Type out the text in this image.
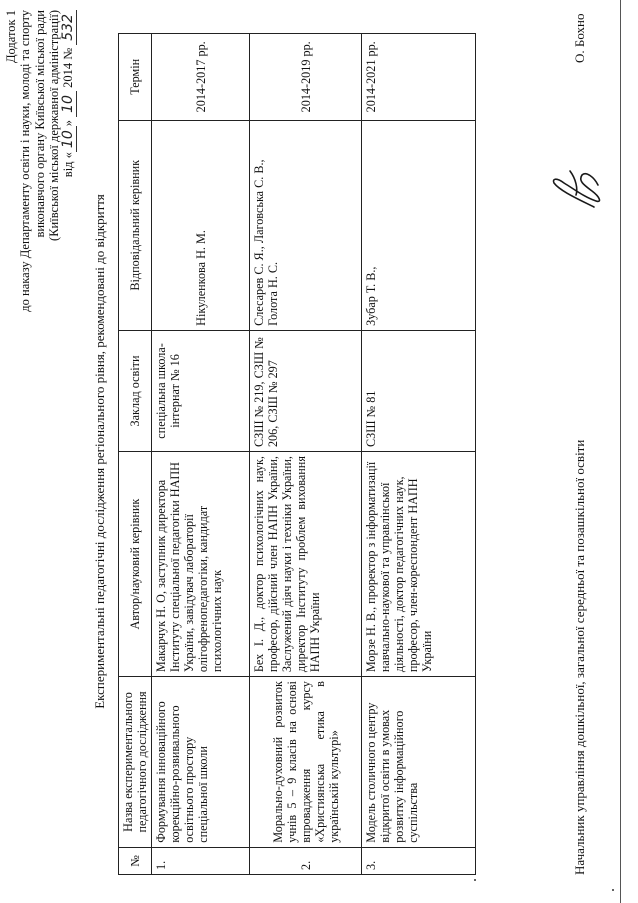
Додаток 1 до наказу Департаменту освіти і науки, молоді та спорту виконавчого органу Київської міської ради (Київської міської державної адміністрації) від «10» 10 2014 № 532
Експериментальні педагогічні дослідження регіонального рівня, рекомендовані до відкриття
№	Назва експериментального педагогічного дослідження	Автор/науковий керівник	Заклад освіти	Відповідальний керівник	Термін
1.	Формування інноваційного корекційно-розвивального освітнього простору спеціальної школи	Макарчук Н. О, заступник директора Інституту спеціальної педагогіки НАПН України, завідувач лабораторії олігофренопедагогіки, кандидат психологічних наук	спеціальна школа-інтернат № 16	Нікуленкова Н. М.	2014-2017 рр.
2.	Морально-духовний розвиток учнів 5 – 9 класів на основі впровадження курсу «Християнська етика в українській культурі»	Бех І. Д., доктор психологічних наук, професор, дійсний член НАПН України, Заслужений діяч науки і техніки України, директор Інституту проблем виховання НАПН України	СЗШ № 219, СЗШ № 206, СЗШ № 297	Слесарев С. Я., Лаговська С. В., Голота Н. С.	2014-2019 рр.
3.	Модель столичного центру відкритої освіти в умовах розвитку інформаційного суспільства	Морзе Н. В., проректор з інформатизації навчально-наукової та управлінської діяльності, доктор педагогічних наук, професор, член-кореспондент НАПН України	СЗШ № 81	Зубар Т. В.,	2014-2021 рр.
Начальник управління дошкільної, загальної середньої та позашкільної освіти
О. Бохно
